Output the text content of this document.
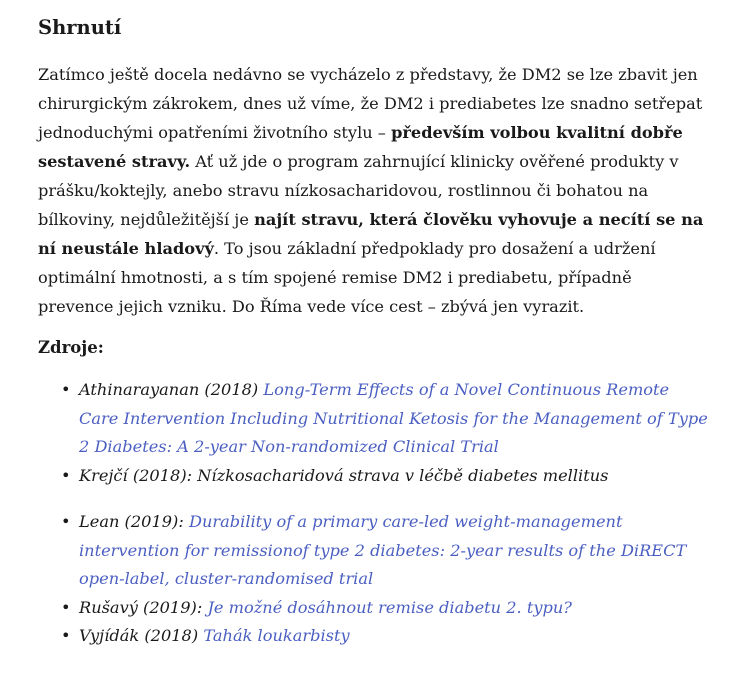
Shrnutí

Zatímco ještě docela nedávno se vycházelo z představy, že DM2 se lze zbavit jen chirurgickým zákrokem, dnes už víme, že DM2 i prediabetes lze snadno setřepat jednoduchými opatřeními životního stylu – především volbou kvalitní dobře sestavené stravy. Ať už jde o program zahrnující klinicky ověřené produkty v prášku/koktejly, anebo stravu nízkosacharidovou, rostlinnou či bohatou na bílkoviny, nejdůležitější je najít stravu, která člověku vyhovuje a necítí se na ní neustále hladový. To jsou základní předpoklady pro dosažení a udržení optimální hmotnosti, a s tím spojené remise DM2 i prediabetu, případně prevence jejich vzniku. Do Říma vede více cest – zbývá jen vyrazit.

Zdroje:
• Athinarayanan (2018) Long-Term Effects of a Novel Continuous Remote Care Intervention Including Nutritional Ketosis for the Management of Type 2 Diabetes: A 2-year Non-randomized Clinical Trial
• Krejčí (2018): Nízkosacharidová strava v léčbě diabetes mellitus
• Lean (2019): Durability of a primary care-led weight-management intervention for remissionof type 2 diabetes: 2-year results of the DiRECT open-label, cluster-randomised trial
• Rušavý (2019): Je možné dosáhnout remise diabetu 2. typu?
• Vyjídák (2018) Tahák loukarbisty
